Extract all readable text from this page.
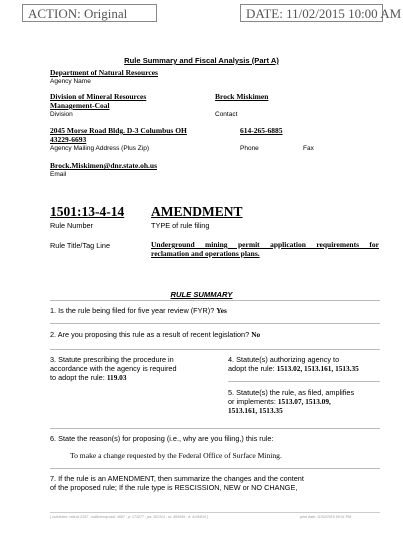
ACTION: Original	DATE: 11/02/2015 10:00 AM
Rule Summary and Fiscal Analysis (Part A)
Department of Natural Resources
Agency Name
Division of Mineral Resources
Management-Coal
Division
Brock Miskimen
Contact
2045 Morse Road Bldg. D-3 Columbus OH
43229-6693
Agency Mailing Address (Plus Zip)
614-265-6885
Phone	Fax
Brock.Miskimen@dnr.state.oh.us
Email
1501:13-4-14
Rule Number
AMENDMENT
TYPE of rule filing
Rule Title/Tag Line	Underground mining permit application requirements for
reclamation and operations plans.
RULE SUMMARY
1. Is the rule being filed for five year review (FYR)? Yes
2. Are you proposing this rule as a result of recent legislation? No
3. Statute prescribing the procedure in
accordance with the agency is required
to adopt the rule: 119.03
4. Statute(s) authorizing agency to
adopt the rule: 1513.02, 1513.161, 1513.35
5. Statute(s) the rule, as filed, amplifies
or implements: 1513.07, 1513.09,
1513.161, 1513.35
6. State the reason(s) for proposing (i.e., why are you filing,) this rule:
To make a change requested by the Federal Office of Surface Mining.
7. If the rule is an AMENDMENT, then summarize the changes and the content
of the proposed rule; If the rule type is RESCISSION, NEW or NO CHANGE,
[ csi/ulrstor: rsfa.id 2197 ; ouBmicrop.taxl: 4687 ; p: 173077 ; pa: 301314 ; ru: 493999 ; d: 4/19/816 ]	print date: 11/02/2015 09:01 PM
